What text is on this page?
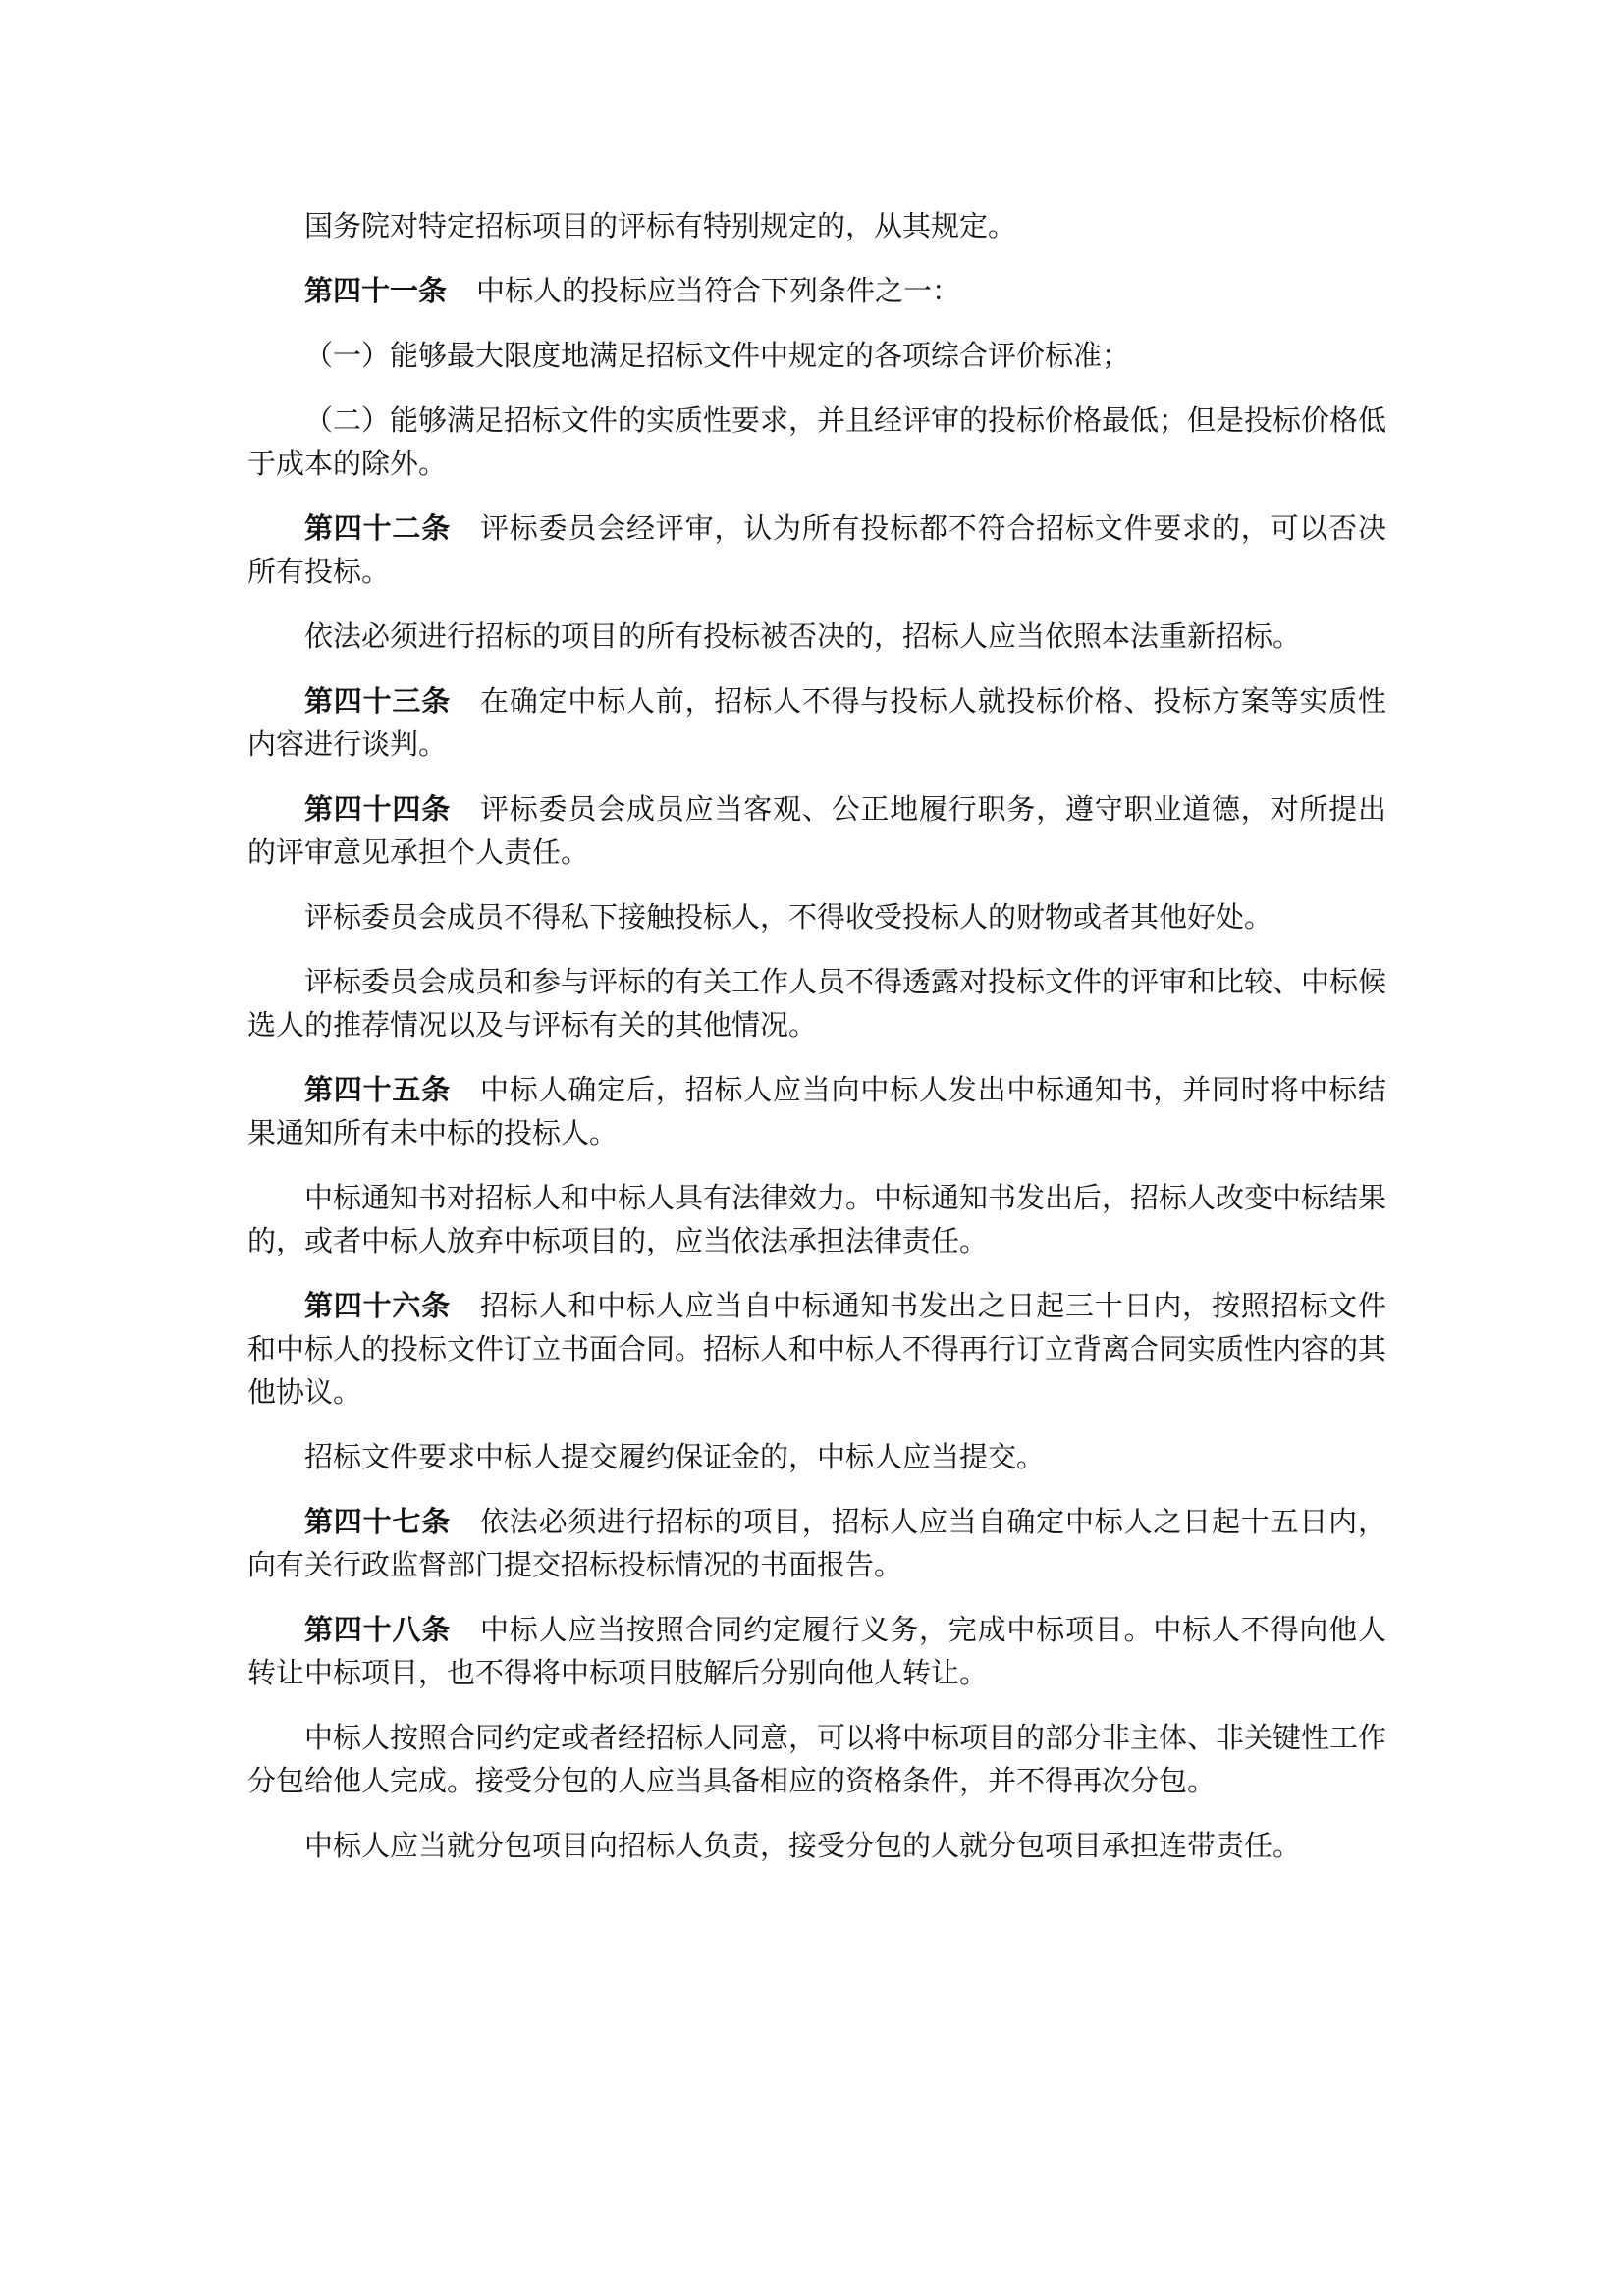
国务院对特定招标项目的评标有特别规定的，从其规定。

第四十一条 中标人的投标应当符合下列条件之一：

（一）能够最大限度地满足招标文件中规定的各项综合评价标准；

（二）能够满足招标文件的实质性要求，并且经评审的投标价格最低；但是投标价格低于成本的除外。

第四十二条 评标委员会经评审，认为所有投标都不符合招标文件要求的，可以否决所有投标。

依法必须进行招标的项目的所有投标被否决的，招标人应当依照本法重新招标。

第四十三条 在确定中标人前，招标人不得与投标人就投标价格、投标方案等实质性内容进行谈判。

第四十四条 评标委员会成员应当客观、公正地履行职务，遵守职业道德，对所提出的评审意见承担个人责任。

评标委员会成员不得私下接触投标人，不得收受投标人的财物或者其他好处。

评标委员会成员和参与评标的有关工作人员不得透露对投标文件的评审和比较、中标候选人的推荐情况以及与评标有关的其他情况。

第四十五条 中标人确定后，招标人应当向中标人发出中标通知书，并同时将中标结果通知所有未中标的投标人。

中标通知书对招标人和中标人具有法律效力。中标通知书发出后，招标人改变中标结果的，或者中标人放弃中标项目的，应当依法承担法律责任。

第四十六条 招标人和中标人应当自中标通知书发出之日起三十日内，按照招标文件和中标人的投标文件订立书面合同。招标人和中标人不得再行订立背离合同实质性内容的其他协议。

招标文件要求中标人提交履约保证金的，中标人应当提交。

第四十七条 依法必须进行招标的项目，招标人应当自确定中标人之日起十五日内，向有关行政监督部门提交招标投标情况的书面报告。

第四十八条 中标人应当按照合同约定履行义务，完成中标项目。中标人不得向他人转让中标项目，也不得将中标项目肢解后分别向他人转让。

中标人按照合同约定或者经招标人同意，可以将中标项目的部分非主体、非关键性工作分包给他人完成。接受分包的人应当具备相应的资格条件，并不得再次分包。

中标人应当就分包项目向招标人负责，接受分包的人就分包项目承担连带责任。
